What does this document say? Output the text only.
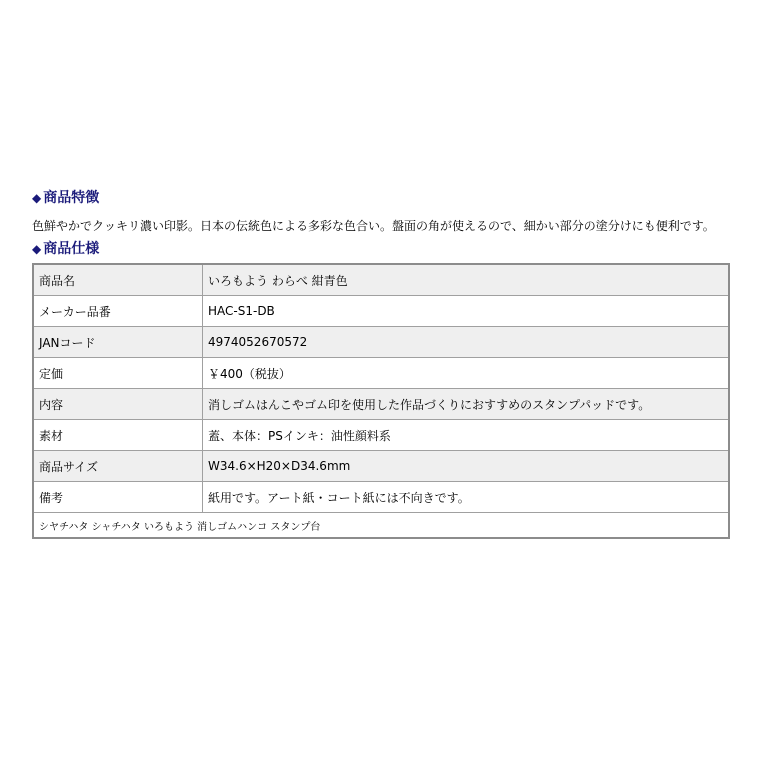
◆ 商品特徴

色鮮やかでクッキリ濃い印影。日本の伝統色による多彩な色合い。盤面の角が使えるので、細かい部分の塗分けにも便利です。

◆ 商品仕様
商品名	いろもよう わらべ 紺青色
メーカー品番	HAC-S1-DB
JANコード	4974052670572
定価	￥400（税抜）
内容	消しゴムはんこやゴム印を使用した作品づくりにおすすめのスタンプパッドです。
素材	蓋、本体：PSインキ：油性顔料系
商品サイズ	W34.6×H20×D34.6mm
備考	紙用です。アート紙・コート紙には不向きです。
シヤチハタ シャチハタ いろもよう 消しゴムハンコ スタンプ台	
